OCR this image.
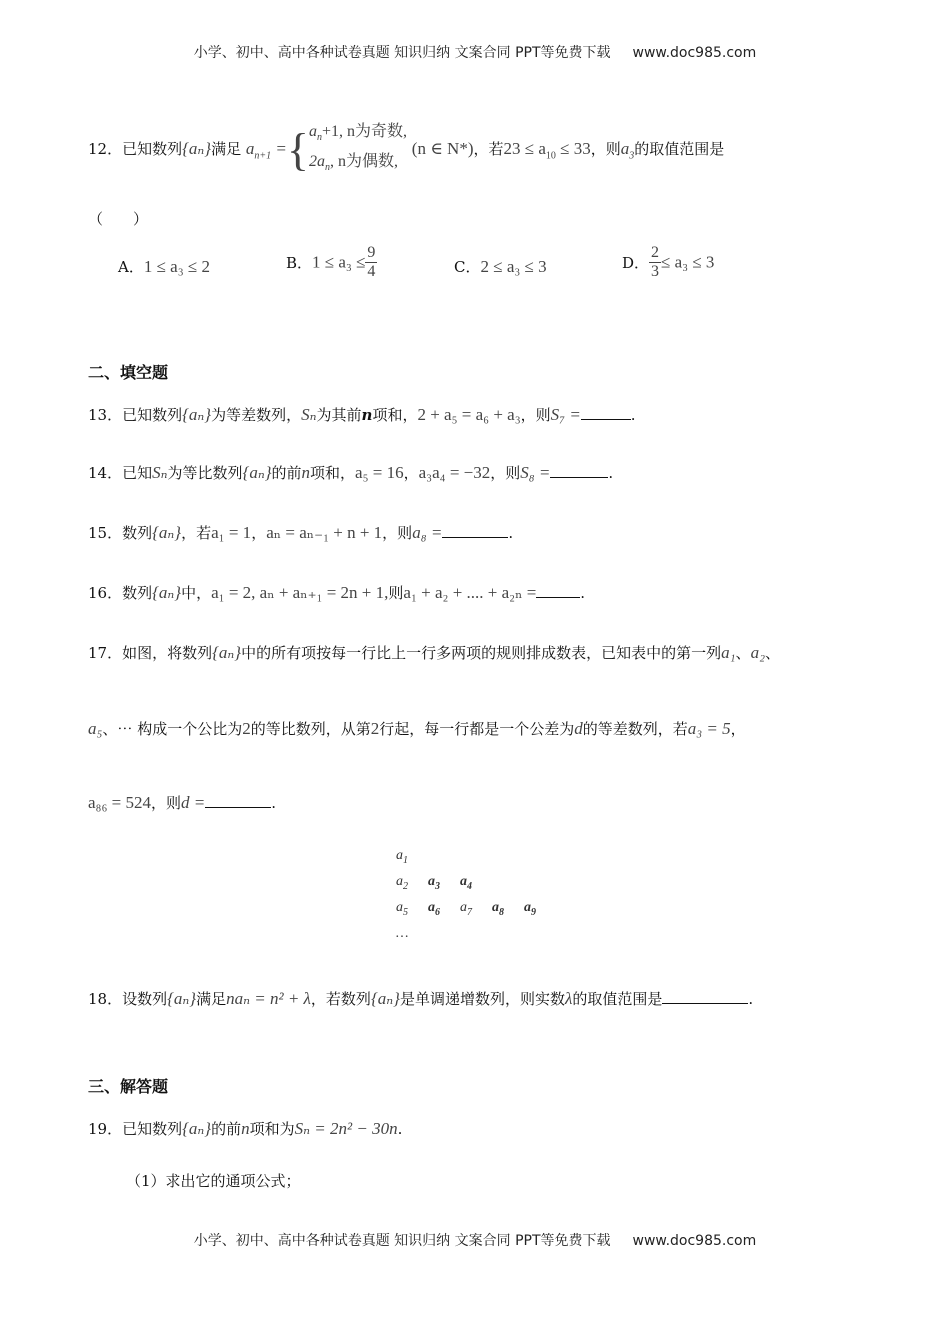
小学、初中、高中各种试卷真题 知识归纳 文案合同 PPT等免费下载 www.doc985.com
12．已知数列{aₙ}满足 $a_{n+1}$ ={ $a_n+1$, n为奇数,
$2a_n$, n为偶数,
(n ∈ N*)，若$23 \le a_{10} \le 33$，则$a_3$的取值范围是
（　　）
A．1 ≤ a₃ ≤ 2	B．$1 \le a_3 \le \frac{9}{4}$	C．2 ≤ a₃ ≤ 3	D． $\frac{2}{3} \le a_3 \le 3$
二、填空题
13．已知数列{aₙ}为等差数列，Sₙ为其前n项和，2 + a₅ = a₆ + a₃，则S₇ =	.
14．已知Sₙ为等比数列{aₙ}的前n项和，a₅ = 16，a₃a₄ = −32，则S₈ =	.
15．数列{aₙ}，若a₁ = 1，aₙ = aₙ₋₁ + n + 1，则a₈ =	.
16．数列{aₙ}中，a₁ = 2, aₙ + aₙ₊₁ = 2n + 1,则a₁ + a₂ + .... + a₂ₙ =	.
17．如图，将数列{aₙ}中的所有项按每一行比上一行多两项的规则排成数表，已知表中的第一列a₁、a₂、
a₅、⋯ 构成一个公比为2的等比数列，从第2行起，每一行都是一个公差为d的等差数列，若a₃ = 5，
a₈₆ = 524，则d =	.
$a_1$
$a_2$ $a_3$ $a_4$
$a_5$ $a_6$ $a_7$ $a_8$ $a_9$
…
18．设数列{aₙ}满足naₙ = n² + λ，若数列{aₙ}是单调递增数列，则实数λ的取值范围是	.
三、解答题
19．已知数列{aₙ}的前n项和为Sₙ = 2n² − 30n.
（1）求出它的通项公式；
小学、初中、高中各种试卷真题 知识归纳 文案合同 PPT等免费下载 www.doc985.com
